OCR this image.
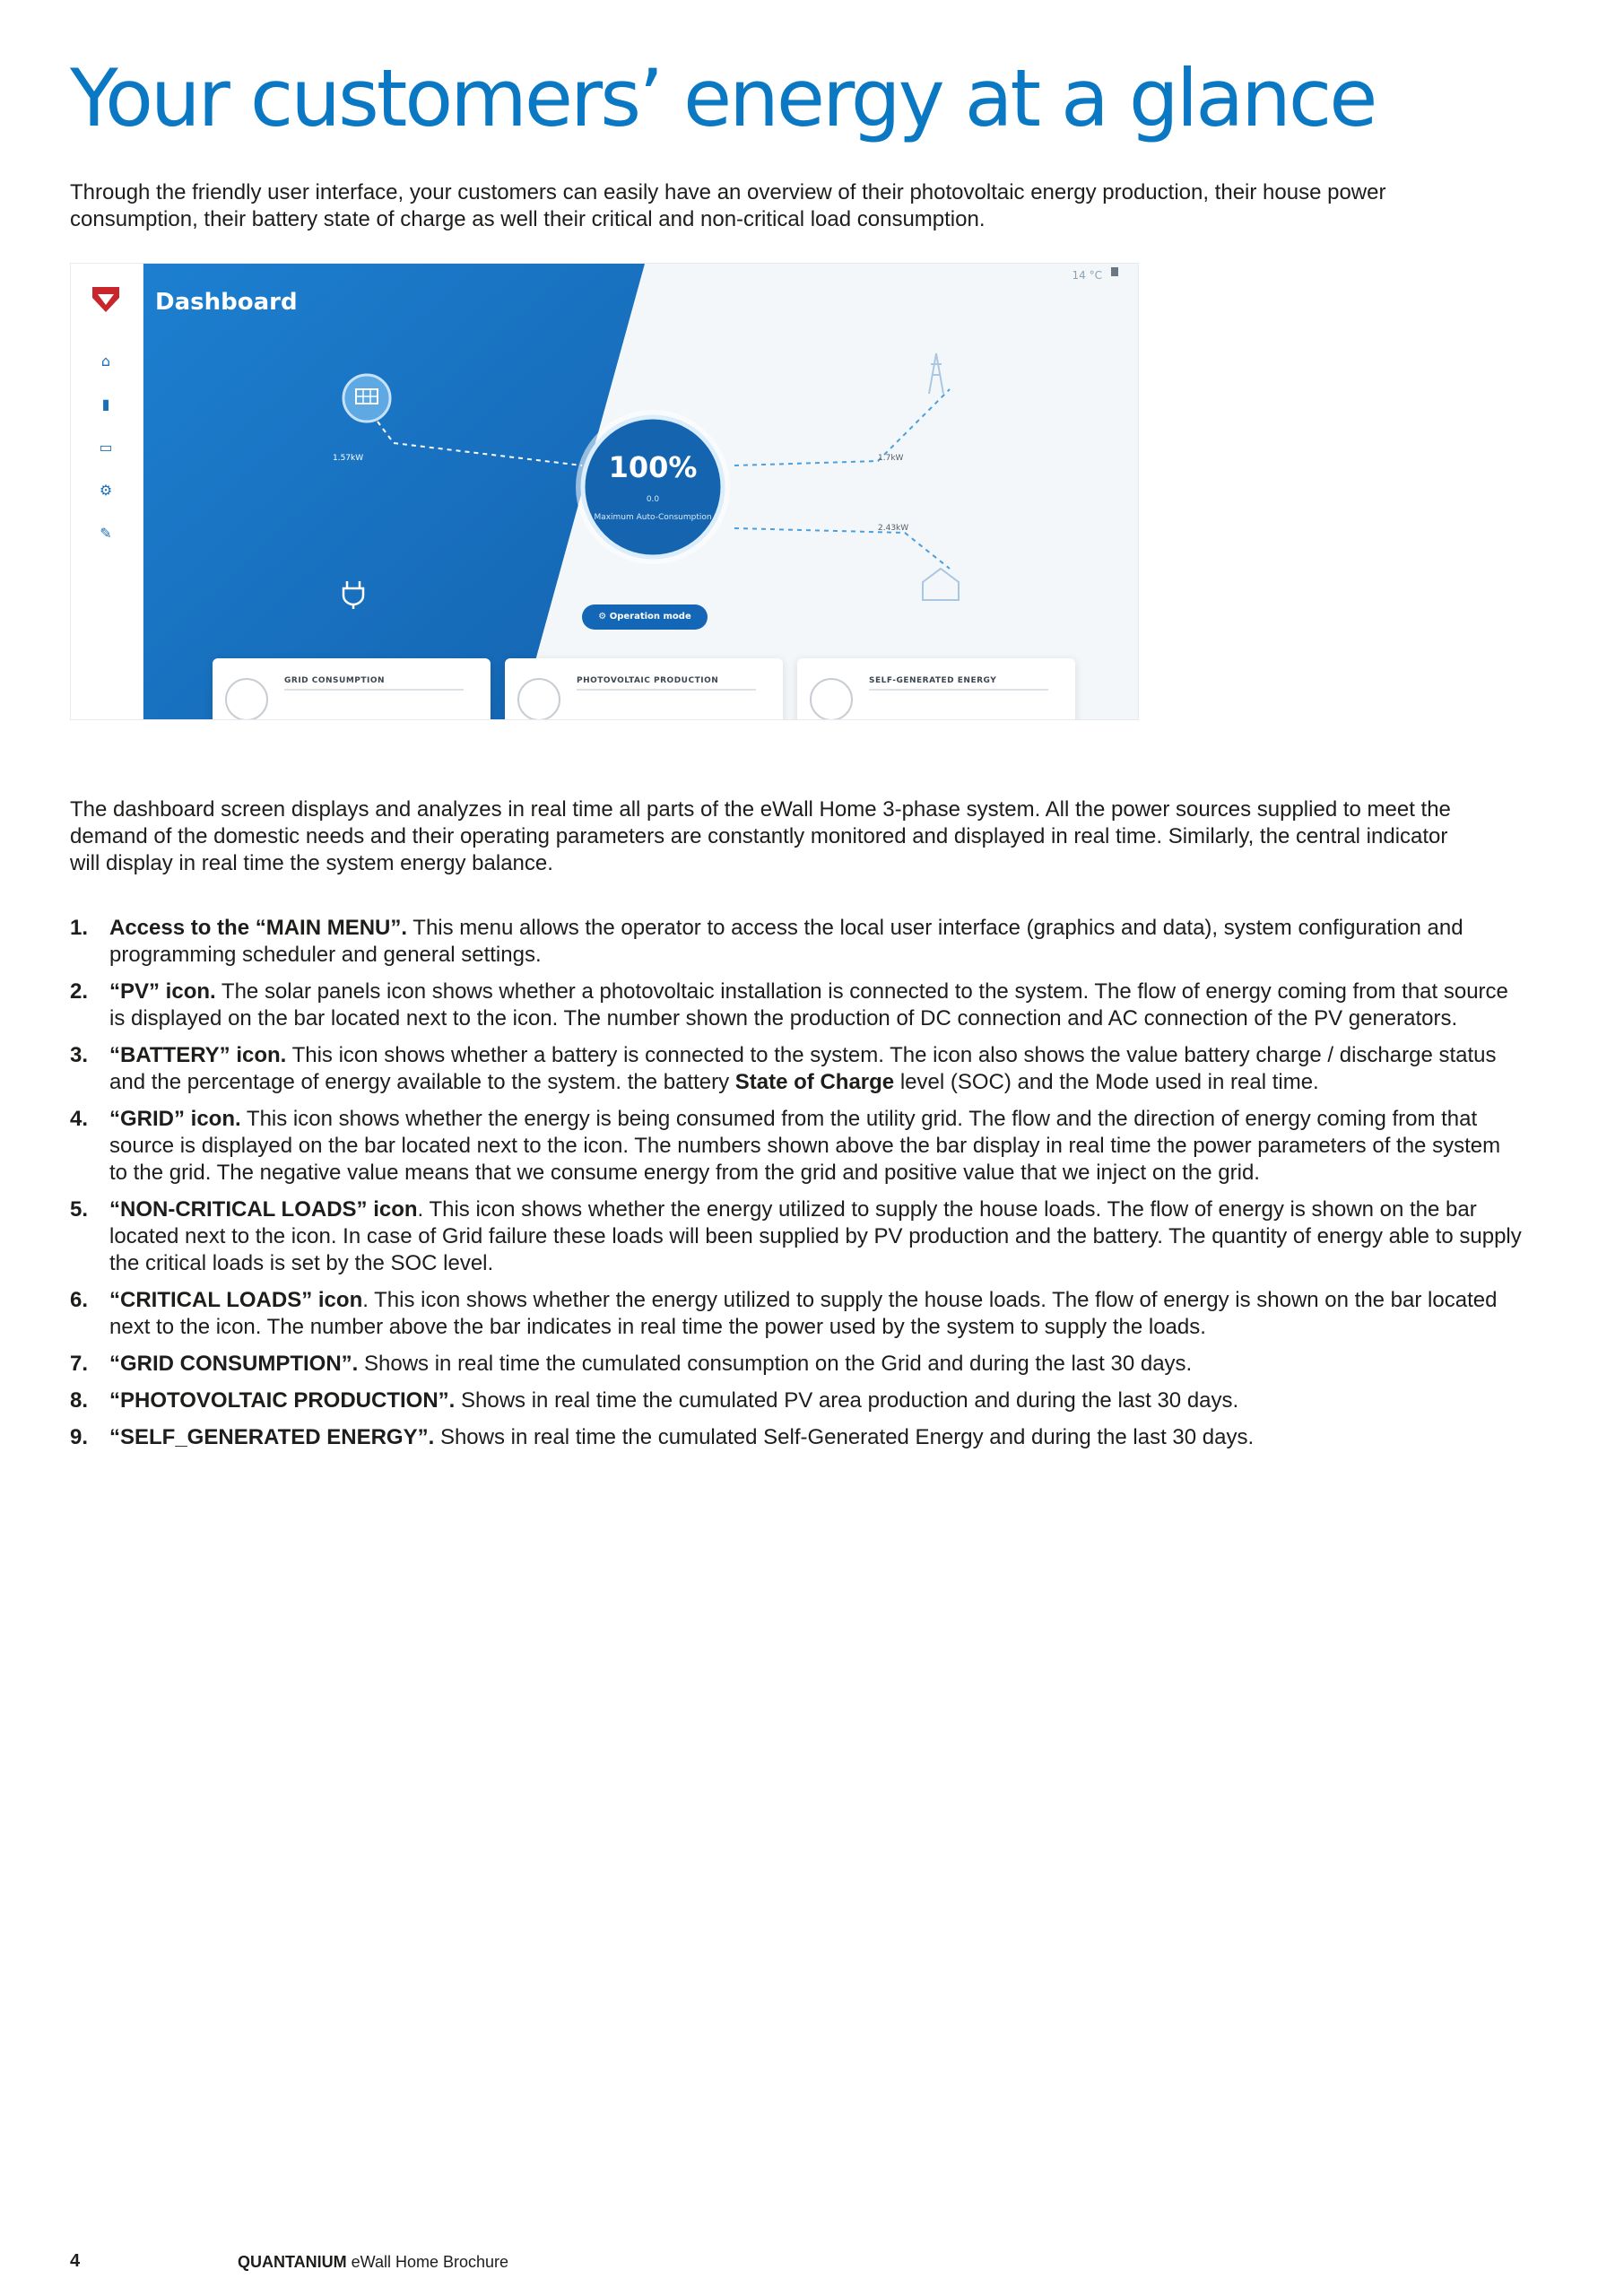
Your customers’ energy at a glance

Through the friendly user interface, your customers can easily have an overview of their photovoltaic energy production, their house power consumption, their battery state of charge as well their critical and non-critical load consumption.

⌂
▮
▭
⚙
✎
Dashboard
14 °C
1.57kW	1.7kW
2.43kW
100%
0.0
Maximum Auto-Consumption
⚙ Operation mode
GRID CONSUMPTION	PHOTOVOLTAIC PRODUCTION	SELF-GENERATED ENERGY

The dashboard screen displays and analyzes in real time all parts of the eWall Home 3-phase system. All the power sources supplied to meet the demand of the domestic needs and their operating parameters are constantly monitored and displayed in real time. Similarly, the central indicator will display in real time the system energy balance.

1. Access to the “MAIN MENU”. This menu allows the operator to access the local user interface (graphics and data), system configuration and programming scheduler and general settings.
2. “PV” icon. The solar panels icon shows whether a photovoltaic installation is connected to the system. The flow of energy coming from that source is displayed on the bar located next to the icon. The number shown the production of DC connection and AC connection of the PV generators.
3. “BATTERY” icon. This icon shows whether a battery is connected to the system. The icon also shows the value battery charge / discharge status and the percentage of energy available to the system. the battery State of Charge level (SOC) and the Mode used in real time.
4. “GRID” icon. This icon shows whether the energy is being consumed from the utility grid. The flow and the direction of energy coming from that source is displayed on the bar located next to the icon. The numbers shown above the bar display in real time the power parameters of the system to the grid. The negative value means that we consume energy from the grid and positive value that we inject on the grid.
5. “NON-CRITICAL LOADS” icon. This icon shows whether the energy utilized to supply the house loads. The flow of energy is shown on the bar located next to the icon. In case of Grid failure these loads will been supplied by PV production and the battery. The quantity of energy able to supply the critical loads is set by the SOC level.
6. “CRITICAL LOADS” icon. This icon shows whether the energy utilized to supply the house loads. The flow of energy is shown on the bar located next to the icon. The number above the bar indicates in real time the power used by the system to supply the loads.
7. “GRID CONSUMPTION”. Shows in real time the cumulated consumption on the Grid and during the last 30 days.
8. “PHOTOVOLTAIC PRODUCTION”. Shows in real time the cumulated PV area production and during the last 30 days.
9. “SELF_GENERATED ENERGY”. Shows in real time the cumulated Self-Generated Energy and during the last 30 days.
4	QUANTANIUM eWall Home Brochure
